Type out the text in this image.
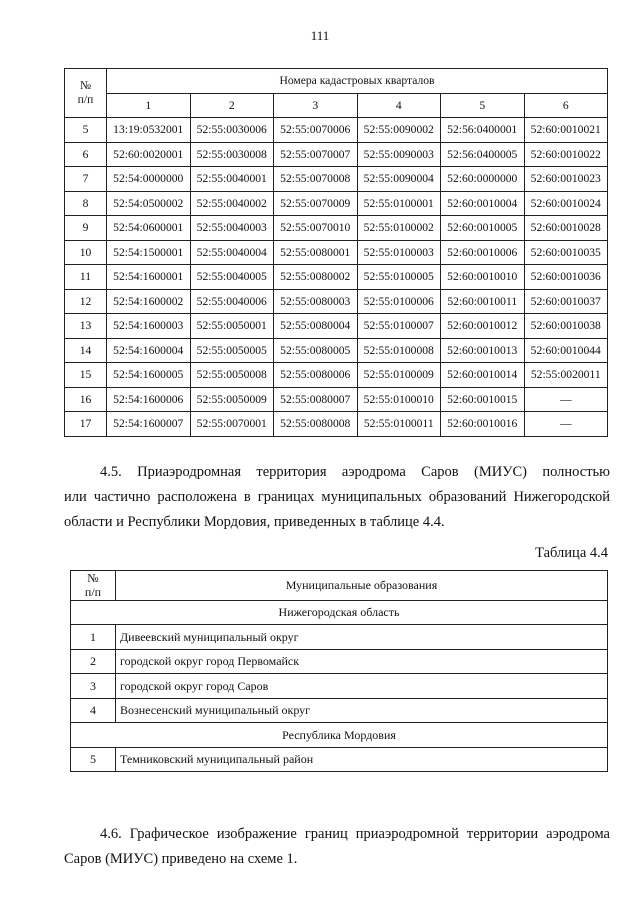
111
№
п/п	Номера кадастровых кварталов					
	1	2	3	4	5	6
5	13:19:0532001	52:55:0030006	52:55:0070006	52:55:0090002	52:56:0400001	52:60:0010021
6	52:60:0020001	52:55:0030008	52:55:0070007	52:55:0090003	52:56:0400005	52:60:0010022
7	52:54:0000000	52:55:0040001	52:55:0070008	52:55:0090004	52:60:0000000	52:60:0010023
8	52:54:0500002	52:55:0040002	52:55:0070009	52:55:0100001	52:60:0010004	52:60:0010024
9	52:54:0600001	52:55:0040003	52:55:0070010	52:55:0100002	52:60:0010005	52:60:0010028
10	52:54:1500001	52:55:0040004	52:55:0080001	52:55:0100003	52:60:0010006	52:60:0010035
11	52:54:1600001	52:55:0040005	52:55:0080002	52:55:0100005	52:60:0010010	52:60:0010036
12	52:54:1600002	52:55:0040006	52:55:0080003	52:55:0100006	52:60:0010011	52:60:0010037
13	52:54:1600003	52:55:0050001	52:55:0080004	52:55:0100007	52:60:0010012	52:60:0010038
14	52:54:1600004	52:55:0050005	52:55:0080005	52:55:0100008	52:60:0010013	52:60:0010044
15	52:54:1600005	52:55:0050008	52:55:0080006	52:55:0100009	52:60:0010014	52:55:0020011
16	52:54:1600006	52:55:0050009	52:55:0080007	52:55:0100010	52:60:0010015	—
17	52:54:1600007	52:55:0070001	52:55:0080008	52:55:0100011	52:60:0010016	—

4.5. Приаэродромная территория аэродрома Саров (МИУС) полностью
или частично расположена в границах муниципальных образований Нижегородской
области и Республики Мордовия, приведенных в таблице 4.4.

Таблица 4.4
№
п/п	Муниципальные образования
Нижегородская область	
1	Дивеевский муниципальный округ
2	городской округ город Первомайск
3	городской округ город Саров
4	Вознесенский муниципальный округ
Республика Мордовия	
5	Темниковский муниципальный район

4.6. Графическое изображение границ приаэродромной территории аэродрома
Саров (МИУС) приведено на схеме 1.
